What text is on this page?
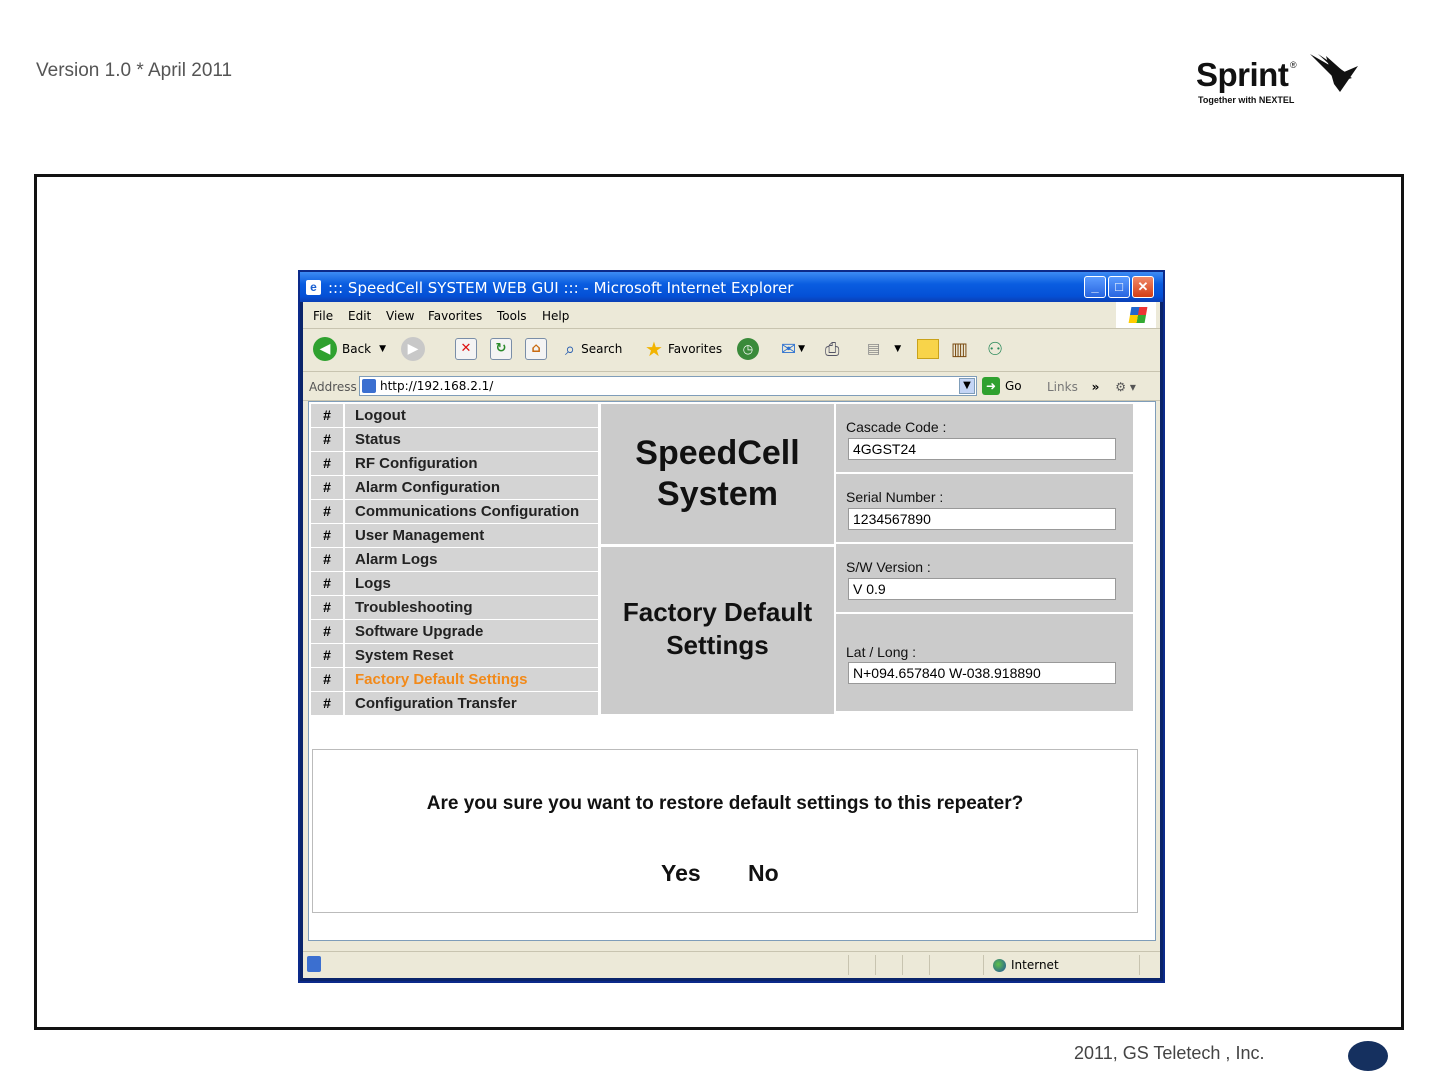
Version 1.0 * April 2011	Sprint ®
Together with NEXTEL
e ::: SpeedCell SYSTEM WEB GUI ::: - Microsoft Internet Explorer	_	□	✕
File Edit View Favorites Tools Help
◀ Back ▼	▶	✕	↻	⌂	⌕ Search ★ Favorites	◷	✉ ▼ ⎙ ▤ ▼	▥ ⚇
Address http://192.168.2.1/	▼	➜ Go Links » ⚙ ▾
#	Logout
#	Status
#	RF Configuration
#	Alarm Configuration
#	Communications Configuration
#	User Management
#	Alarm Logs
#	Logs
#	Troubleshooting
#	Software Upgrade
#	System Reset
#	Factory Default Settings
#	Configuration Transfer
SpeedCell
System
Factory Default
Settings
Cascade Code :
4GGST24
Serial Number :
1234567890
S/W Version :
V 0.9
Lat / Long :
N+094.657840 W-038.918890
Are you sure you want to restore default settings to this repeater?
Yes No
Internet
2011, GS Teletech , Inc.
